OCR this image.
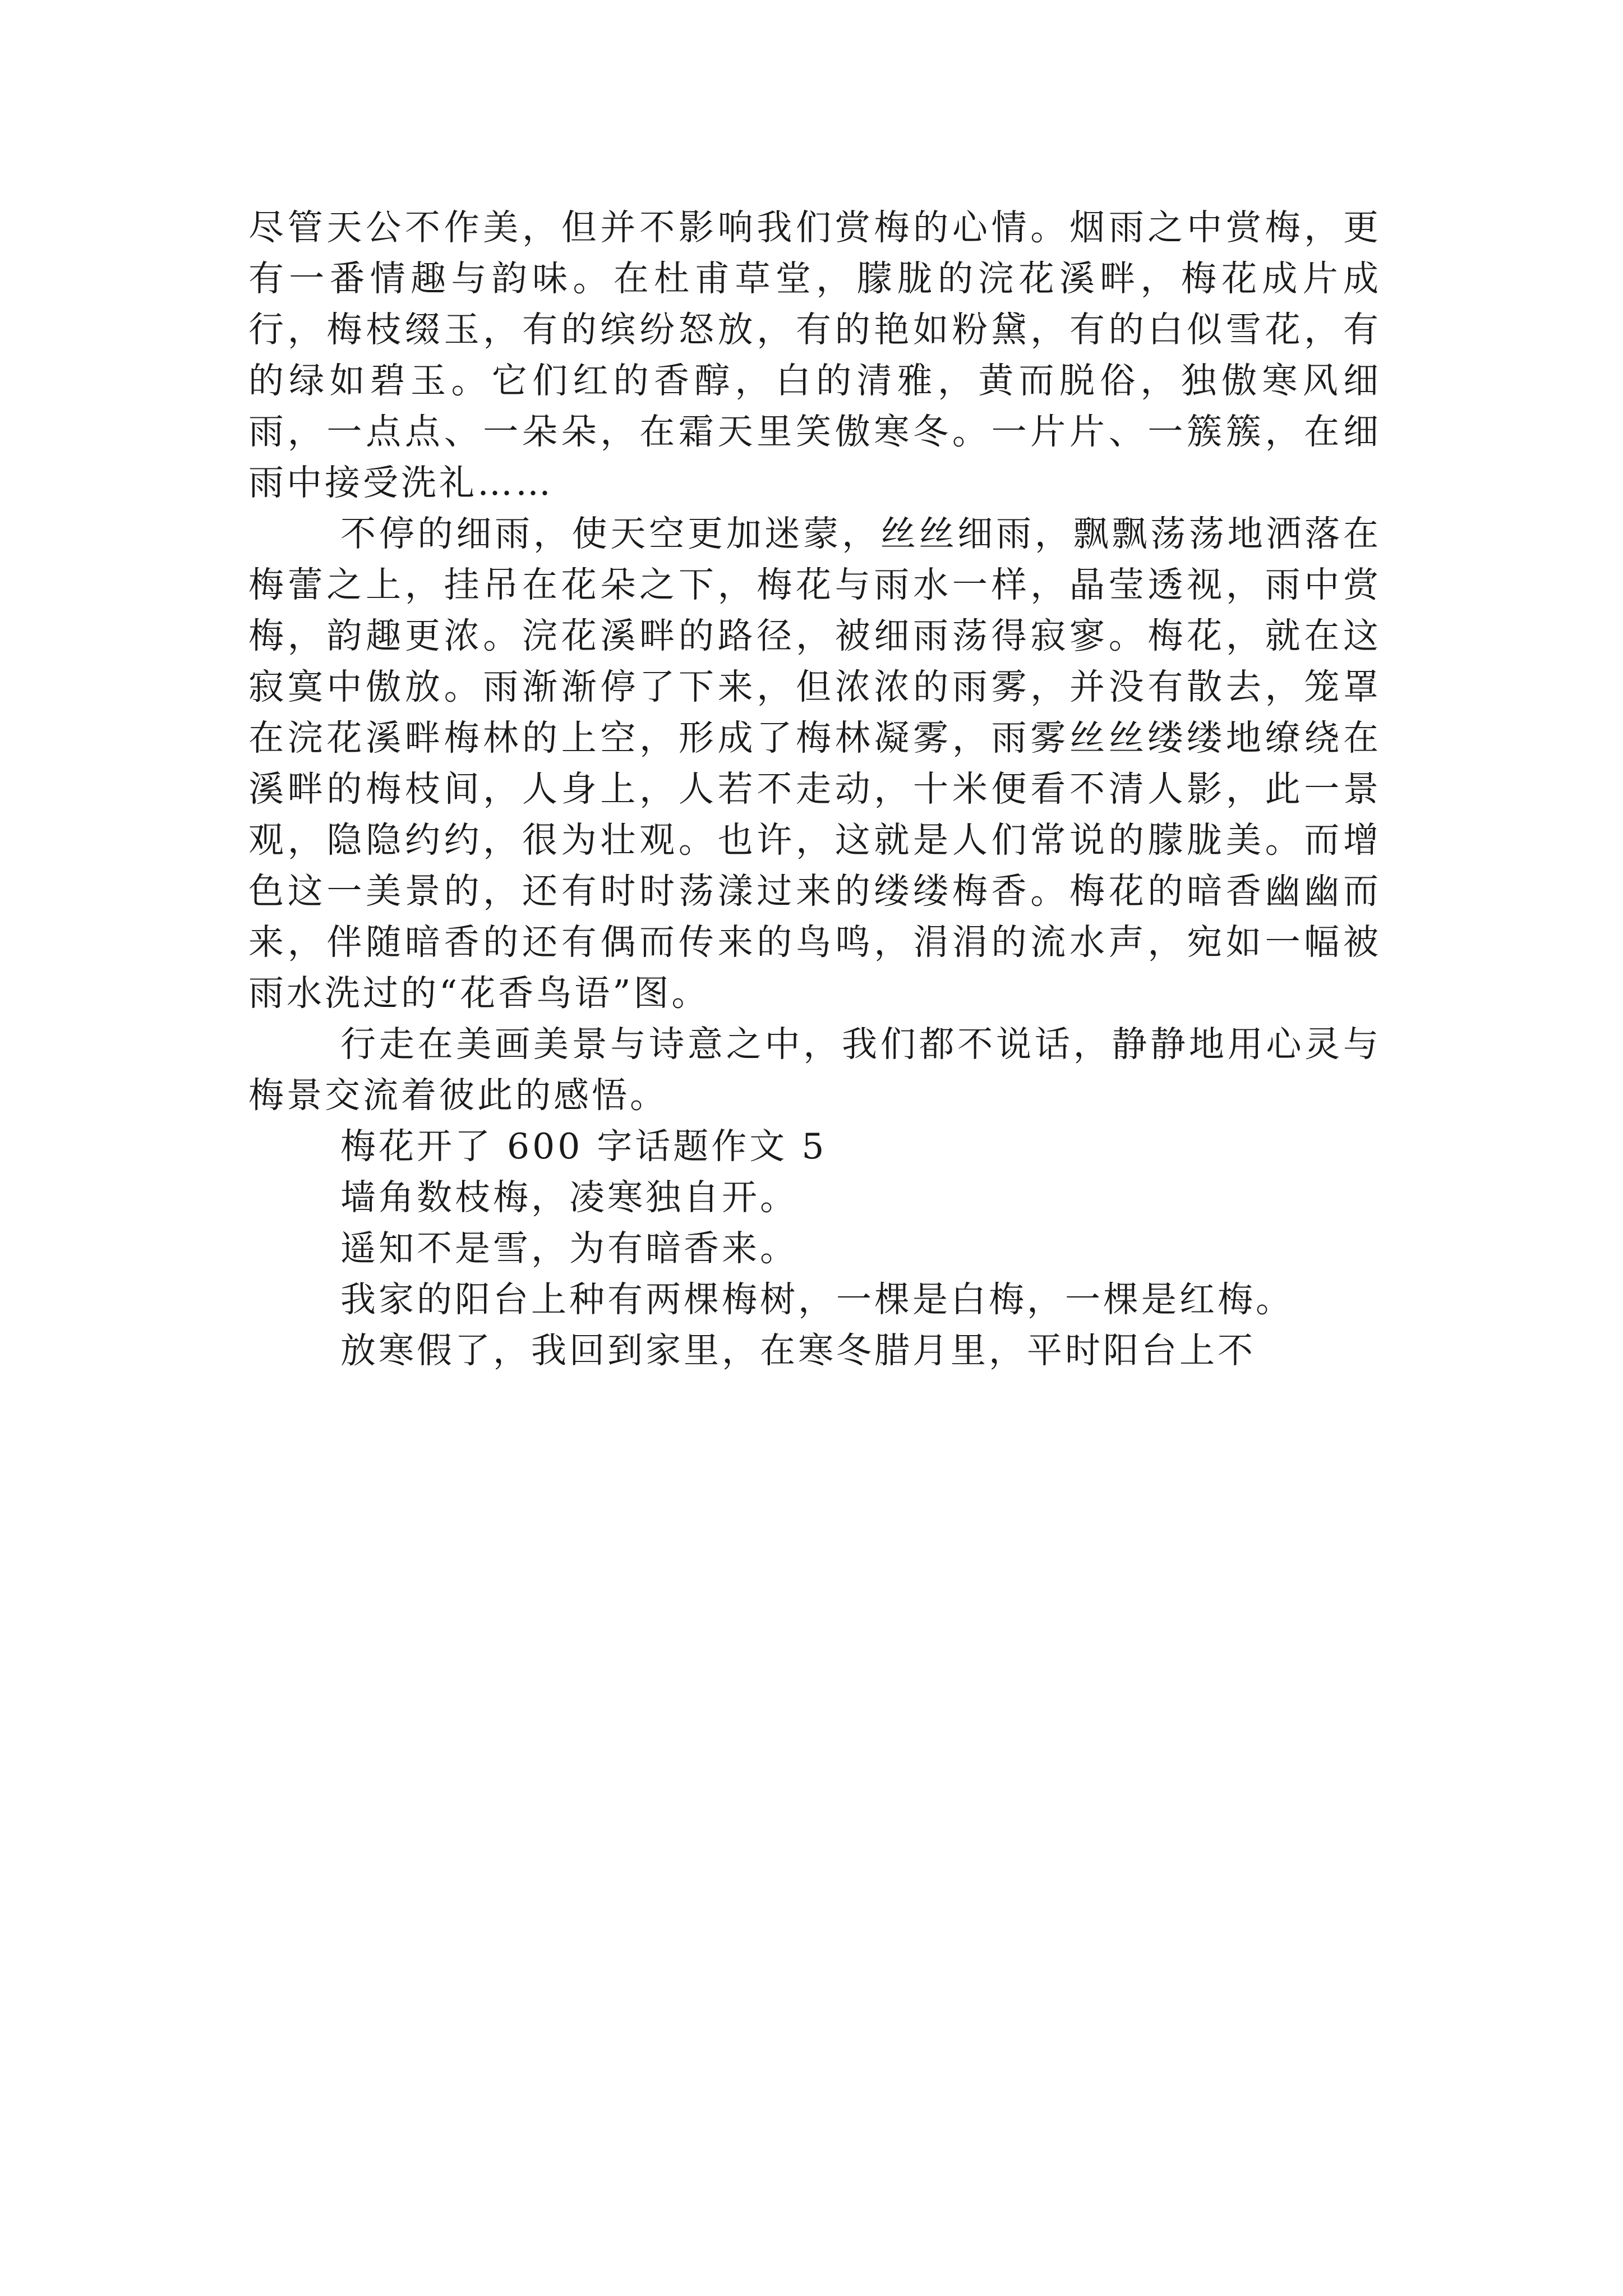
尽管天公不作美，但并不影响我们赏梅的心情。烟雨之中赏梅，更有一番情趣与韵味。在杜甫草堂，朦胧的浣花溪畔，梅花成片成行，梅枝缀玉，有的缤纷怒放，有的艳如粉黛，有的白似雪花，有的绿如碧玉。它们红的香醇，白的清雅，黄而脱俗，独傲寒风细雨，一点点、一朵朵，在霜天里笑傲寒冬。一片片、一簇簇，在细雨中接受洗礼……

不停的细雨，使天空更加迷蒙，丝丝细雨，飘飘荡荡地洒落在梅蕾之上，挂吊在花朵之下，梅花与雨水一样，晶莹透视，雨中赏梅，韵趣更浓。浣花溪畔的路径，被细雨荡得寂寥。梅花，就在这寂寞中傲放。雨渐渐停了下来，但浓浓的雨雾，并没有散去，笼罩在浣花溪畔梅林的上空，形成了梅林凝雾，雨雾丝丝缕缕地缭绕在溪畔的梅枝间，人身上，人若不走动，十米便看不清人影，此一景观，隐隐约约，很为壮观。也许，这就是人们常说的朦胧美。而增色这一美景的，还有时时荡漾过来的缕缕梅香。梅花的暗香幽幽而来，伴随暗香的还有偶而传来的鸟鸣，涓涓的流水声，宛如一幅被雨水洗过的“花香鸟语”图。

行走在美画美景与诗意之中，我们都不说话，静静地用心灵与梅景交流着彼此的感悟。

梅花开了 600 字话题作文 5

墙角数枝梅，凌寒独自开。

遥知不是雪，为有暗香来。

我家的阳台上种有两棵梅树，一棵是白梅，一棵是红梅。

放寒假了，我回到家里，在寒冬腊月里，平时阳台上不
